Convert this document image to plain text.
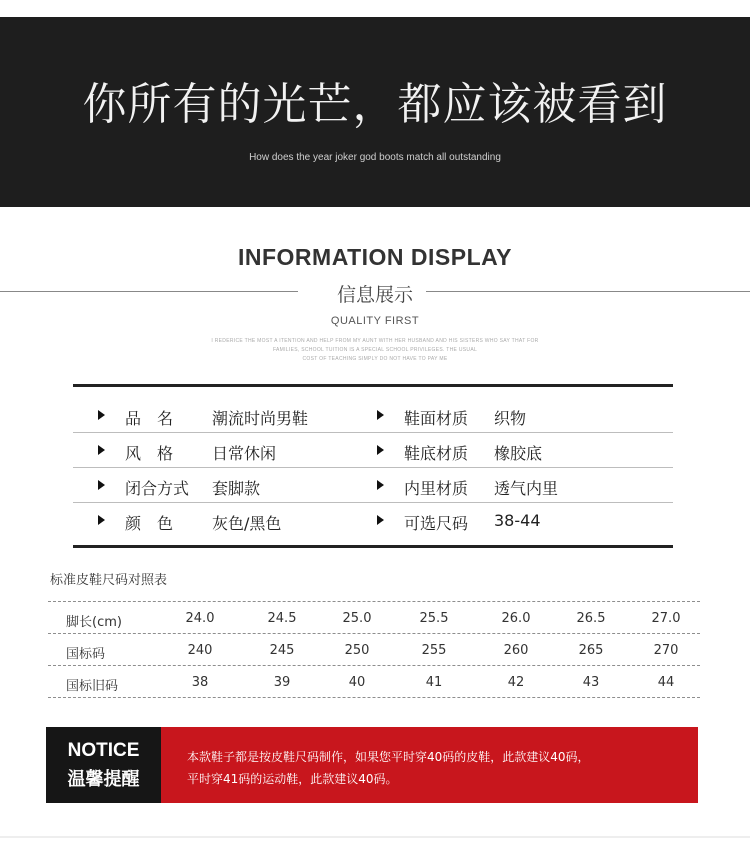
你所有的光芒，都应该被看到
How does the year joker god boots match all outstanding
INFORMATION DISPLAY
信息展示
QUALITY FIRST
I REDERICE THE MOST A ITENTION AND HELP FROM MY AUNT WITH HER HUSBAND AND HIS SISTERS WHO SAY THAT FOR
FAMILIES, SCHOOL TUITION IS A SPECIAL SCHOOL PRIVILEGES. THE USUAL
COST OF TEACHING SIMPLY DO NOT HAVE TO PAY ME
品　名 潮流时尚男鞋	鞋面材质 织物
风　格 日常休闲	鞋底材质 橡胶底
闭合方式 套脚款	内里材质 透气内里
颜　色 灰色/黑色	可选尺码 38-44
标准皮鞋尺码对照表
脚长(cm)	24.0	24.5	25.0	25.5	26.0	26.5	27.0
国标码	240	245	250	255	260	265	270
国标旧码	38	39	40	41	42	43	44
NOTICE
温馨提醒
本款鞋子都是按皮鞋尺码制作，如果您平时穿40码的皮鞋，此款建议40码，
平时穿41码的运动鞋，此款建议40码。
